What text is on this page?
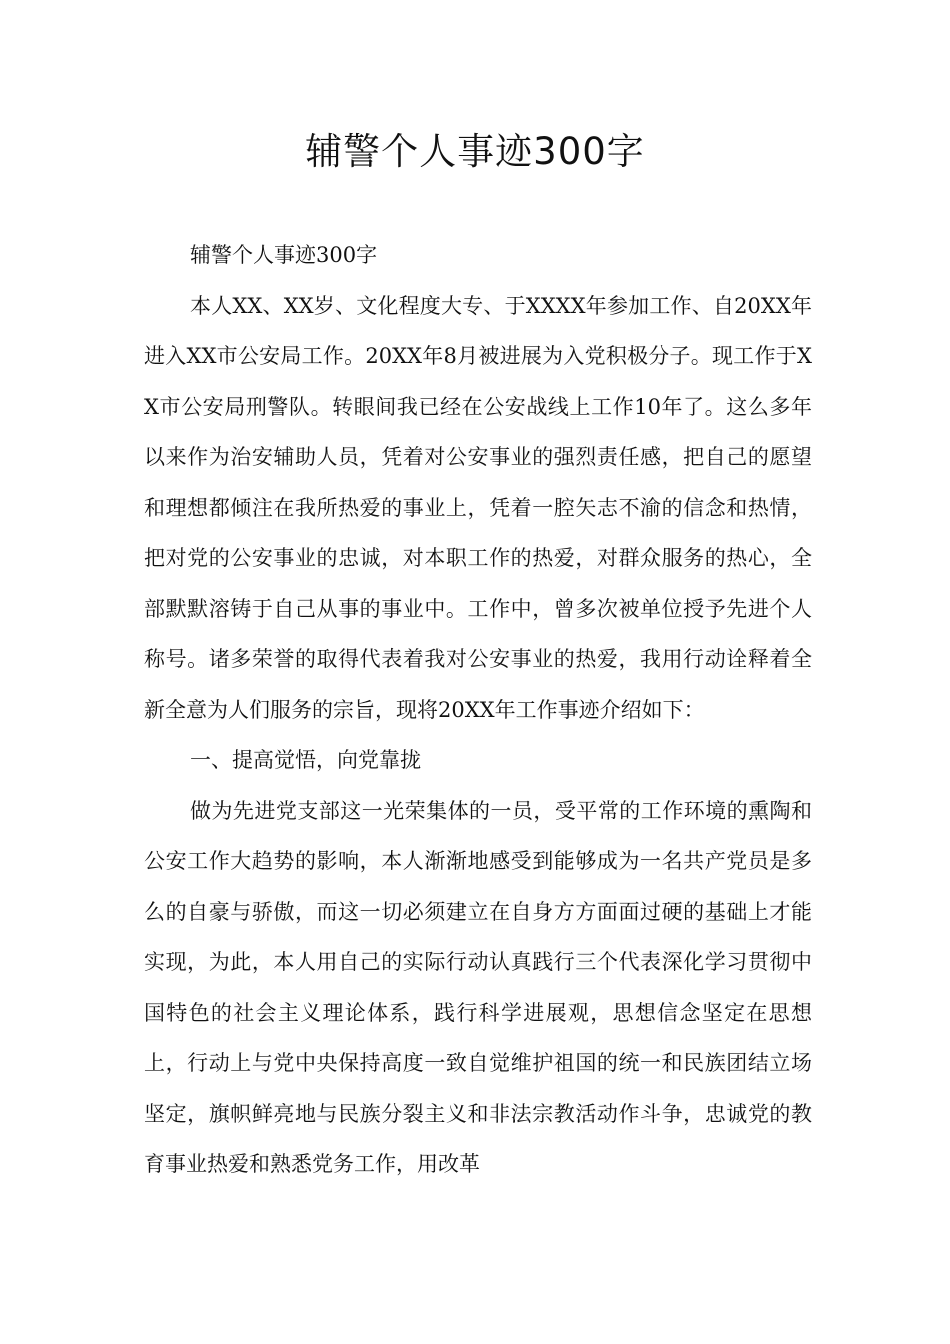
辅警个人事迹300字

辅警个人事迹300字

本人XX、XX岁、文化程度大专、于XXXX年参加工作、自20XX年进入XX市公安局工作。20XX年8月被进展为入党积极分子。现工作于XX市公安局刑警队。转眼间我已经在公安战线上工作10年了。这么多年以来作为治安辅助人员，凭着对公安事业的强烈责任感，把自己的愿望和理想都倾注在我所热爱的事业上，凭着一腔矢志不渝的信念和热情，把对党的公安事业的忠诚，对本职工作的热爱，对群众服务的热心，全部默默溶铸于自己从事的事业中。工作中，曾多次被单位授予先进个人称号。诸多荣誉的取得代表着我对公安事业的热爱，我用行动诠释着全新全意为人们服务的宗旨，现将20XX年工作事迹介绍如下：

一、提高觉悟，向党靠拢

做为先进党支部这一光荣集体的一员，受平常的工作环境的熏陶和公安工作大趋势的影响，本人渐渐地感受到能够成为一名共产党员是多么的自豪与骄傲，而这一切必须建立在自身方方面面过硬的基础上才能实现，为此，本人用自己的实际行动认真践行三个代表深化学习贯彻中国特色的社会主义理论体系，践行科学进展观，思想信念坚定在思想上，行动上与党中央保持高度一致自觉维护祖国的统一和民族团结立场坚定，旗帜鲜亮地与民族分裂主义和非法宗教活动作斗争，忠诚党的教育事业热爱和熟悉党务工作，用改革
